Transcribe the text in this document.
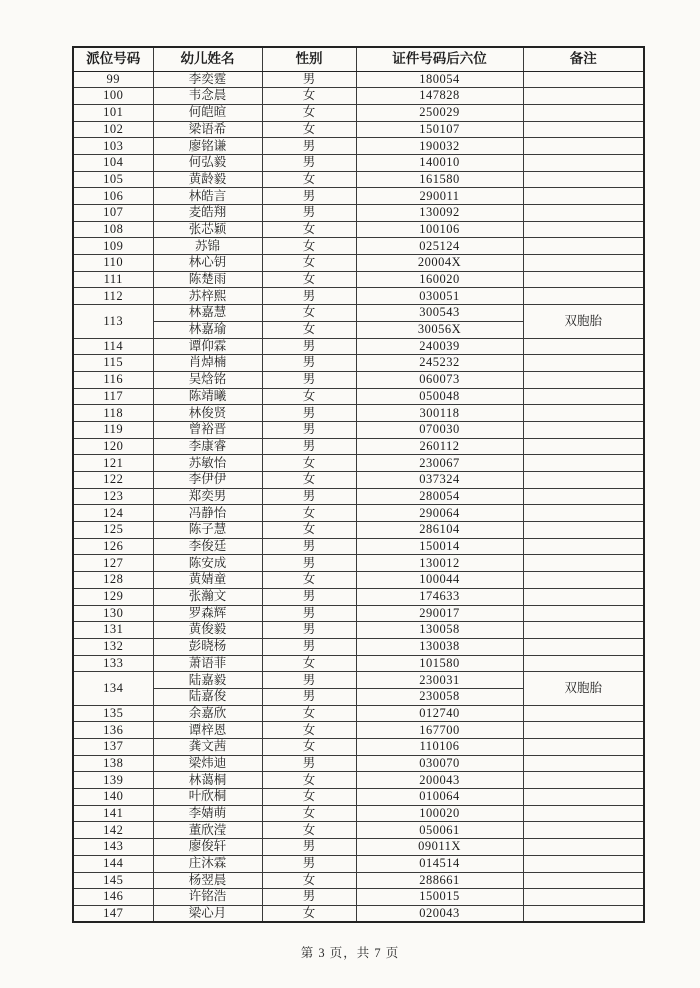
派位号码	幼儿姓名	性别	证件号码后六位	备注
99	李奕霆	男	180054	
100	韦念晨	女	147828	
101	何皑暄	女	250029	
102	梁语希	女	150107	
103	廖铭谦	男	190032	
104	何弘毅	男	140010	
105	黄龄毅	女	161580	
106	林皓言	男	290011	
107	麦皓翔	男	130092	
108	张芯颖	女	100106	
109	苏锦	女	025124	
110	林心钥	女	20004X	
111	陈楚雨	女	160020	
112	苏梓熙	男	030051	
113	林嘉慧	女	300543	双胞胎
	林嘉瑜	女	30056X	
114	谭仰霖	男	240039	
115	肖焯楠	男	245232	
116	吴焓铭	男	060073	
117	陈靖曦	女	050048	
118	林俊贤	男	300118	
119	曾裕晋	男	070030	
120	李康睿	男	260112	
121	苏敏怡	女	230067	
122	李伊伊	女	037324	
123	郑奕男	男	280054	
124	冯静怡	女	290064	
125	陈子慧	女	286104	
126	李俊廷	男	150014	
127	陈安成	男	130012	
128	黄婧童	女	100044	
129	张瀚文	男	174633	
130	罗森辉	男	290017	
131	黄俊毅	男	130058	
132	彭晓杨	男	130038	
133	萧语菲	女	101580	
134	陆嘉毅	男	230031	双胞胎
	陆嘉俊	男	230058	
135	余嘉欣	女	012740	
136	谭梓恩	女	167700	
137	龚文茜	女	110106	
138	梁炜迪	男	030070	
139	林蔼桐	女	200043	
140	叶欣桐	女	010064	
141	李婧萌	女	100020	
142	董欣滢	女	050061	
143	廖俊轩	男	09011X	
144	庄沐霖	男	014514	
145	杨翌晨	女	288661	
146	许铭浩	男	150015	
147	梁心月	女	020043	
第 3 页，共 7 页
